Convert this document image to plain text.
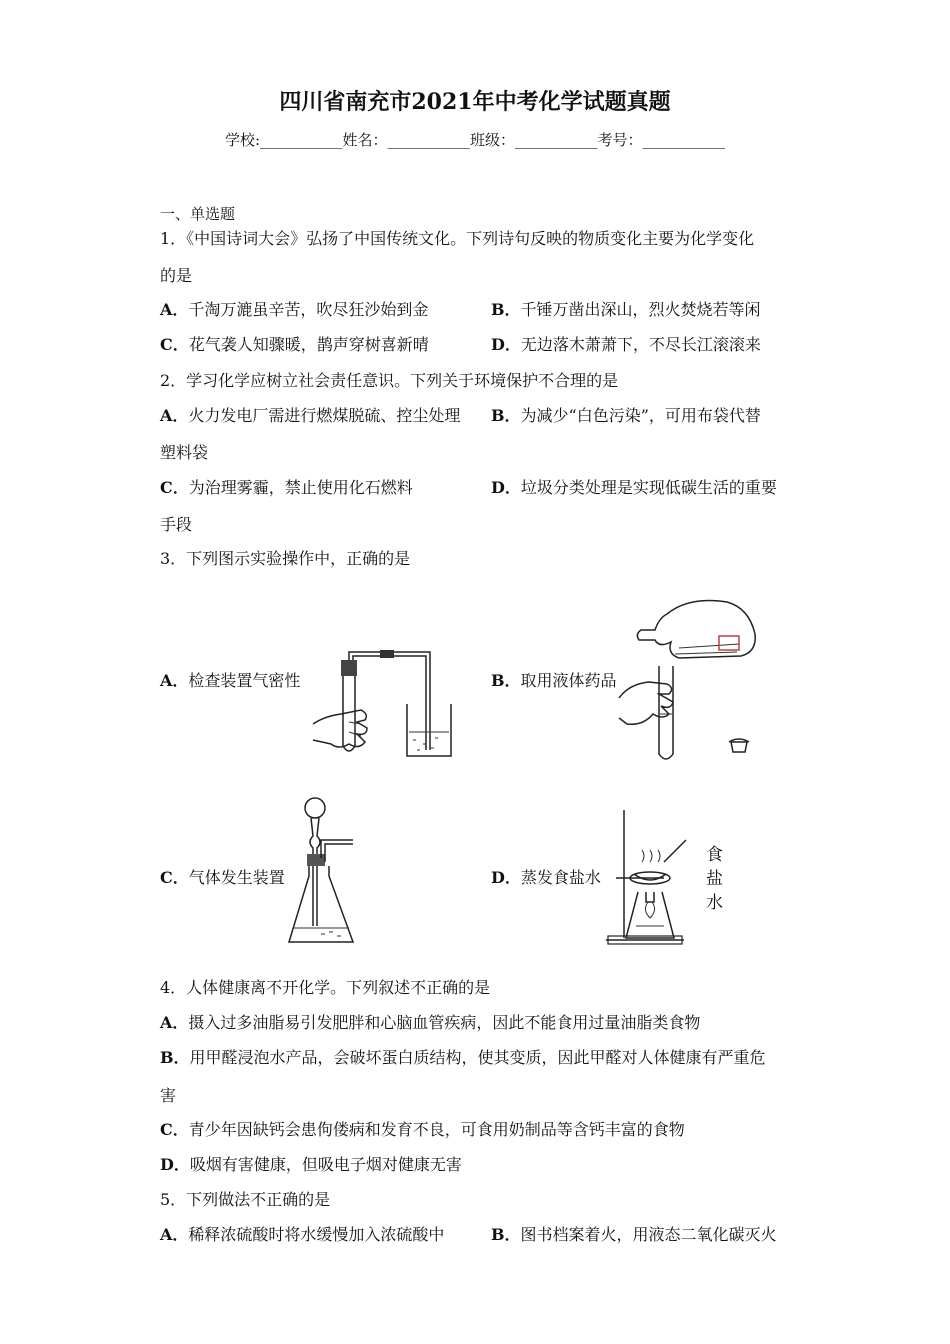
四川省南充市2021年中考化学试题真题
学校:___________姓名：___________班级：___________考号：___________
一、单选题
1．《中国诗词大会》弘扬了中国传统文化。下列诗句反映的物质变化主要为化学变化
的是
A．千淘万漉虽辛苦，吹尽狂沙始到金	B．千锤万凿出深山，烈火焚烧若等闲
C．花气袭人知骤暖，鹊声穿树喜新晴	D．无边落木萧萧下，不尽长江滚滚来
2．学习化学应树立社会责任意识。下列关于环境保护不合理的是
A．火力发电厂需进行燃煤脱硫、控尘处理 B．为减少“白色污染”，可用布袋代替
塑料袋
C．为治理雾霾，禁止使用化石燃料	D．垃圾分类处理是实现低碳生活的重要
手段
3．下列图示实验操作中，正确的是
A．检查装置气密性	B．取用液体药品
C．气体发生装置	D．蒸发食盐水
食
盐
水
4．人体健康离不开化学。下列叙述不正确的是
A．摄入过多油脂易引发肥胖和心脑血管疾病，因此不能食用过量油脂类食物
B．用甲醛浸泡水产品，会破坏蛋白质结构，使其变质，因此甲醛对人体健康有严重危
害
C．青少年因缺钙会患佝偻病和发育不良，可食用奶制品等含钙丰富的食物
D．吸烟有害健康，但吸电子烟对健康无害
5．下列做法不正确的是
A．稀释浓硫酸时将水缓慢加入浓硫酸中	B．图书档案着火，用液态二氧化碳灭火
